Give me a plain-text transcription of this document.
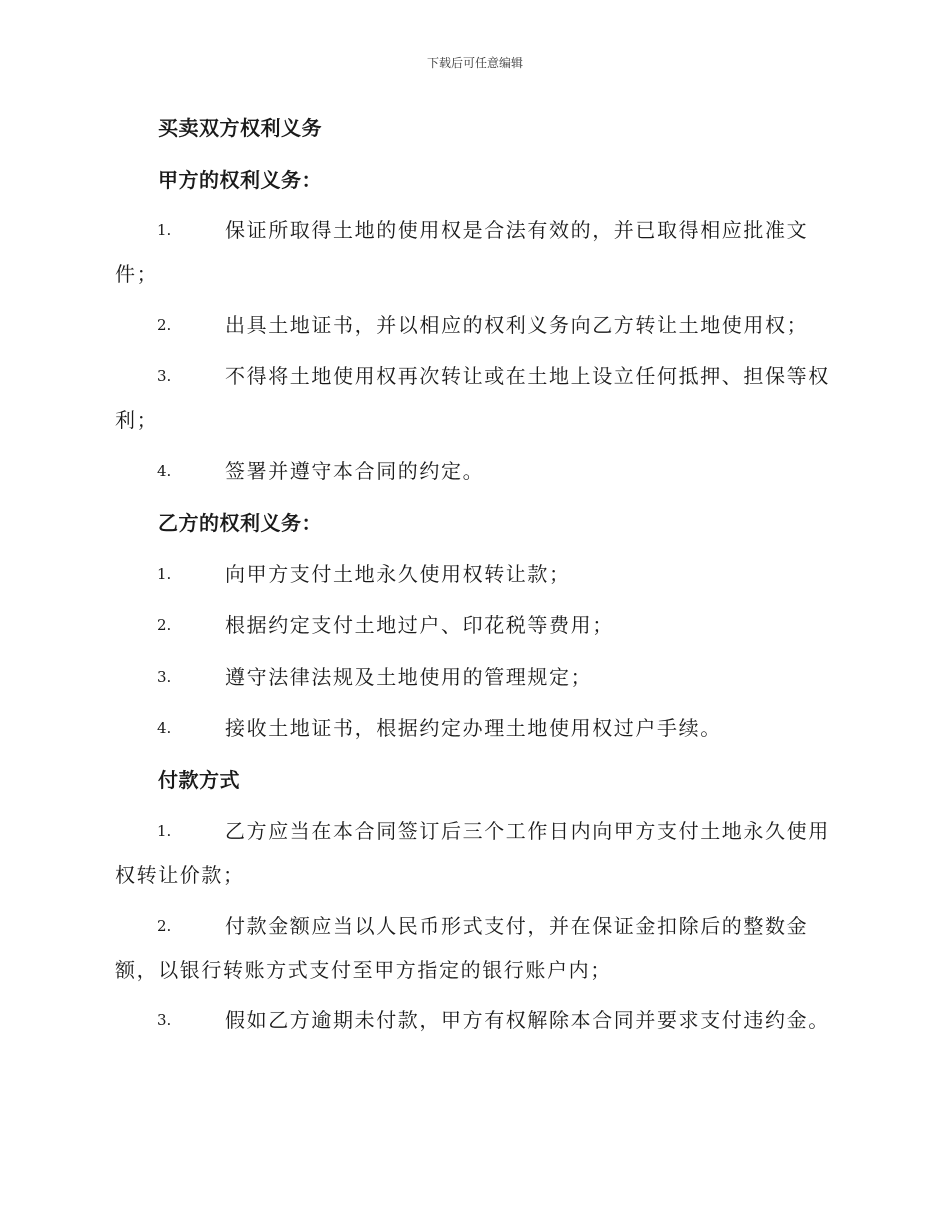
下载后可任意编辑
买卖双方权利义务
甲方的权利义务：
1.	保证所取得土地的使用权是合法有效的，并已取得相应批准文
件；
2.	出具土地证书，并以相应的权利义务向乙方转让土地使用权；
3.	不得将土地使用权再次转让或在土地上设立任何抵押、担保等权
利；
4.	签署并遵守本合同的约定。
乙方的权利义务：
1.	向甲方支付土地永久使用权转让款；
2.	根据约定支付土地过户、印花税等费用；
3.	遵守法律法规及土地使用的管理规定；
4.	接收土地证书，根据约定办理土地使用权过户手续。
付款方式
1.	乙方应当在本合同签订后三个工作日内向甲方支付土地永久使用
权转让价款；
2.	付款金额应当以人民币形式支付，并在保证金扣除后的整数金
额，以银行转账方式支付至甲方指定的银行账户内；
3.	假如乙方逾期未付款，甲方有权解除本合同并要求支付违约金。
